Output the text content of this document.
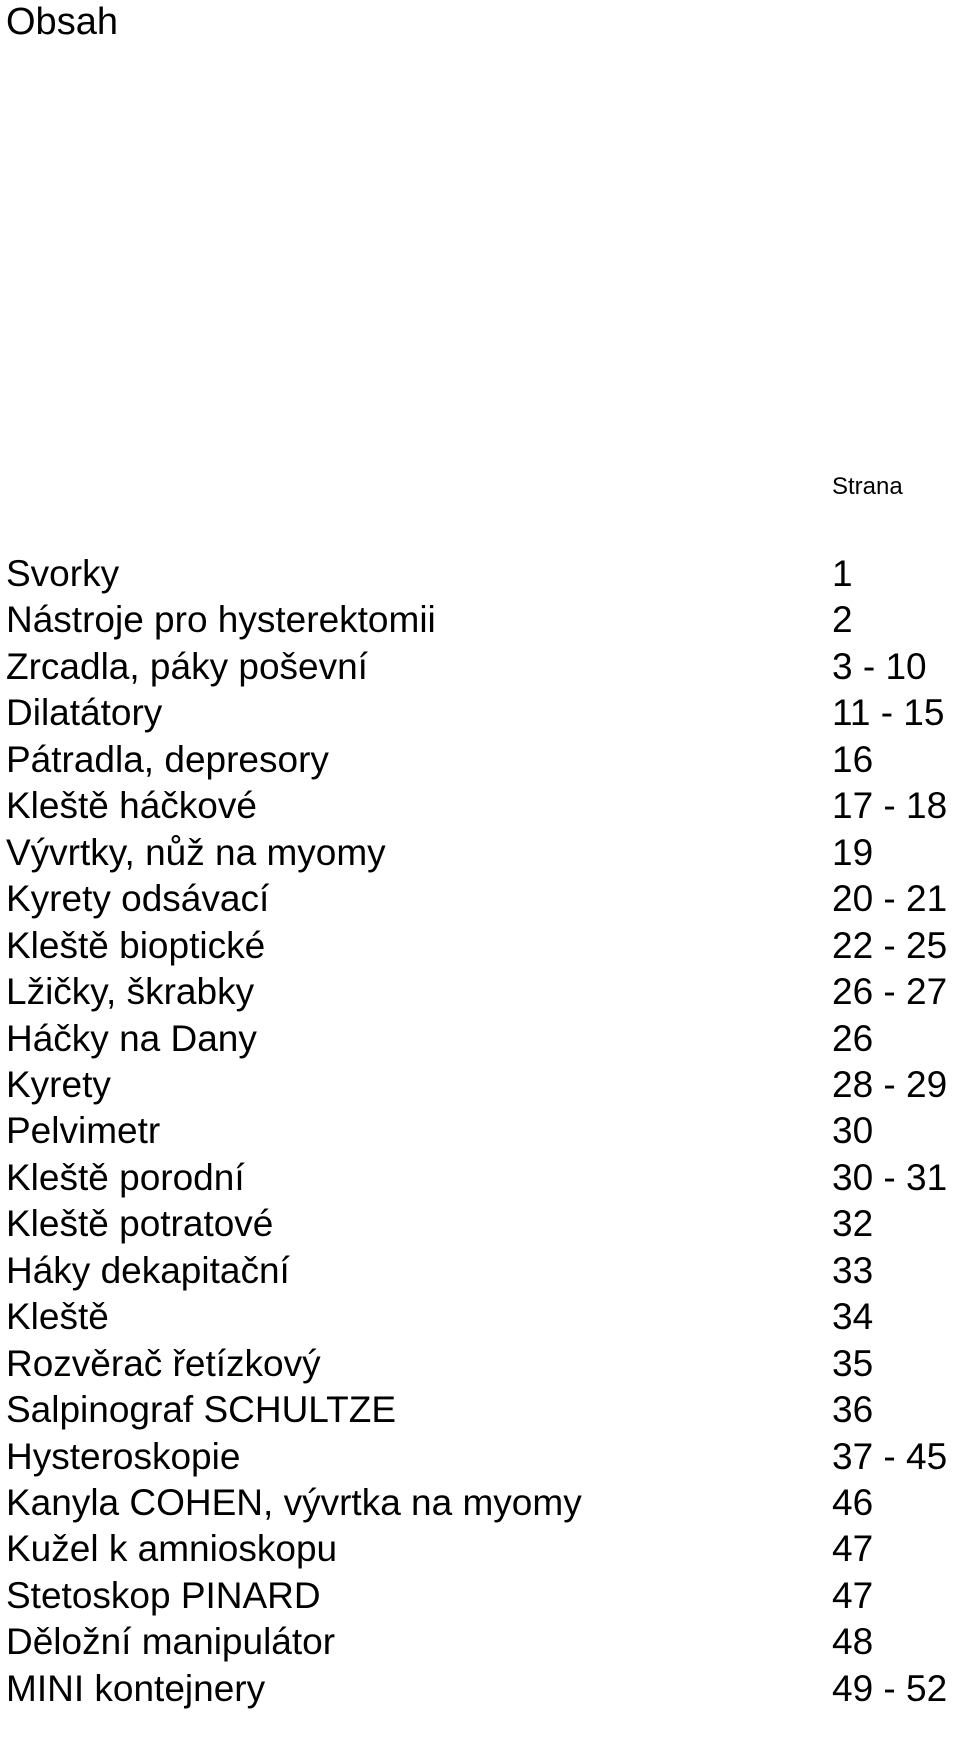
Obsah
Strana
Svorky	1
Nástroje pro hysterektomii	2
Zrcadla, páky poševní	3 - 10
Dilatátory	11 - 15
Pátradla, depresory	16
Kleště háčkové	17 - 18
Vývrtky, nůž na myomy	19
Kyrety odsávací	20 - 21
Kleště bioptické	22 - 25
Lžičky, škrabky	26 - 27
Háčky na Dany	26
Kyrety	28 - 29
Pelvimetr	30
Kleště porodní	30 - 31
Kleště potratové	32
Háky dekapitační	33
Kleště	34
Rozvěrač řetízkový	35
Salpinograf SCHULTZE	36
Hysteroskopie	37 - 45
Kanyla COHEN, vývrtka na myomy	46
Kužel k amnioskopu	47
Stetoskop PINARD	47
Děložní manipulátor	48
MINI kontejnery	49 - 52
